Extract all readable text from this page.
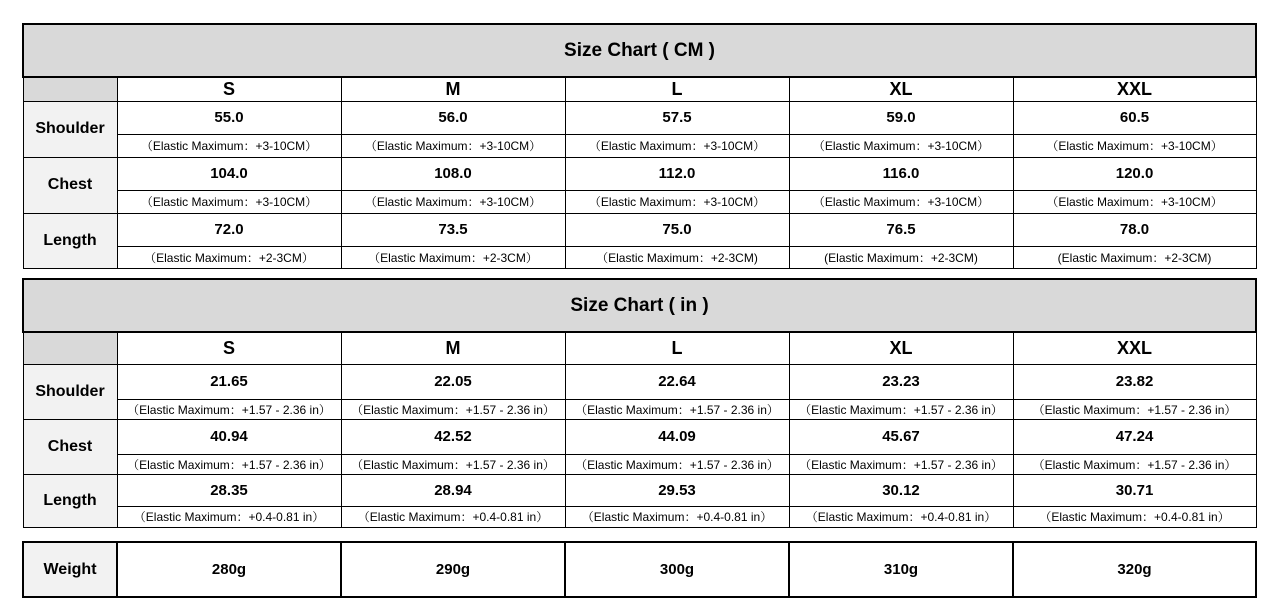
Size Chart ( CM )					
	S	M	L	XL	XXL
Shoulder	55.0	56.0	57.5	59.0	60.5
	（Elastic Maximum：+3-10CM）	（Elastic Maximum：+3-10CM）	（Elastic Maximum：+3-10CM）	（Elastic Maximum：+3-10CM）	（Elastic Maximum：+3-10CM）
Chest	104.0	108.0	112.0	116.0	120.0
	（Elastic Maximum：+3-10CM）	（Elastic Maximum：+3-10CM）	（Elastic Maximum：+3-10CM）	（Elastic Maximum：+3-10CM）	（Elastic Maximum：+3-10CM）
Length	72.0	73.5	75.0	76.5	78.0
	（Elastic Maximum：+2-3CM）	（Elastic Maximum：+2-3CM）	（Elastic Maximum：+2-3CM)	(Elastic Maximum：+2-3CM)	(Elastic Maximum：+2-3CM)
Size Chart ( in )					
	S	M	L	XL	XXL
Shoulder	21.65	22.05	22.64	23.23	23.82
	（Elastic Maximum：+1.57 - 2.36 in）	（Elastic Maximum：+1.57 - 2.36 in）	（Elastic Maximum：+1.57 - 2.36 in）	（Elastic Maximum：+1.57 - 2.36 in）	（Elastic Maximum：+1.57 - 2.36 in）
Chest	40.94	42.52	44.09	45.67	47.24
	（Elastic Maximum：+1.57 - 2.36 in）	（Elastic Maximum：+1.57 - 2.36 in）	（Elastic Maximum：+1.57 - 2.36 in）	（Elastic Maximum：+1.57 - 2.36 in）	（Elastic Maximum：+1.57 - 2.36 in）
Length	28.35	28.94	29.53	30.12	30.71
	（Elastic Maximum：+0.4-0.81 in）	（Elastic Maximum：+0.4-0.81 in）	（Elastic Maximum：+0.4-0.81 in）	（Elastic Maximum：+0.4-0.81 in）	（Elastic Maximum：+0.4-0.81 in）
Weight	280g	290g	300g	310g	320g
